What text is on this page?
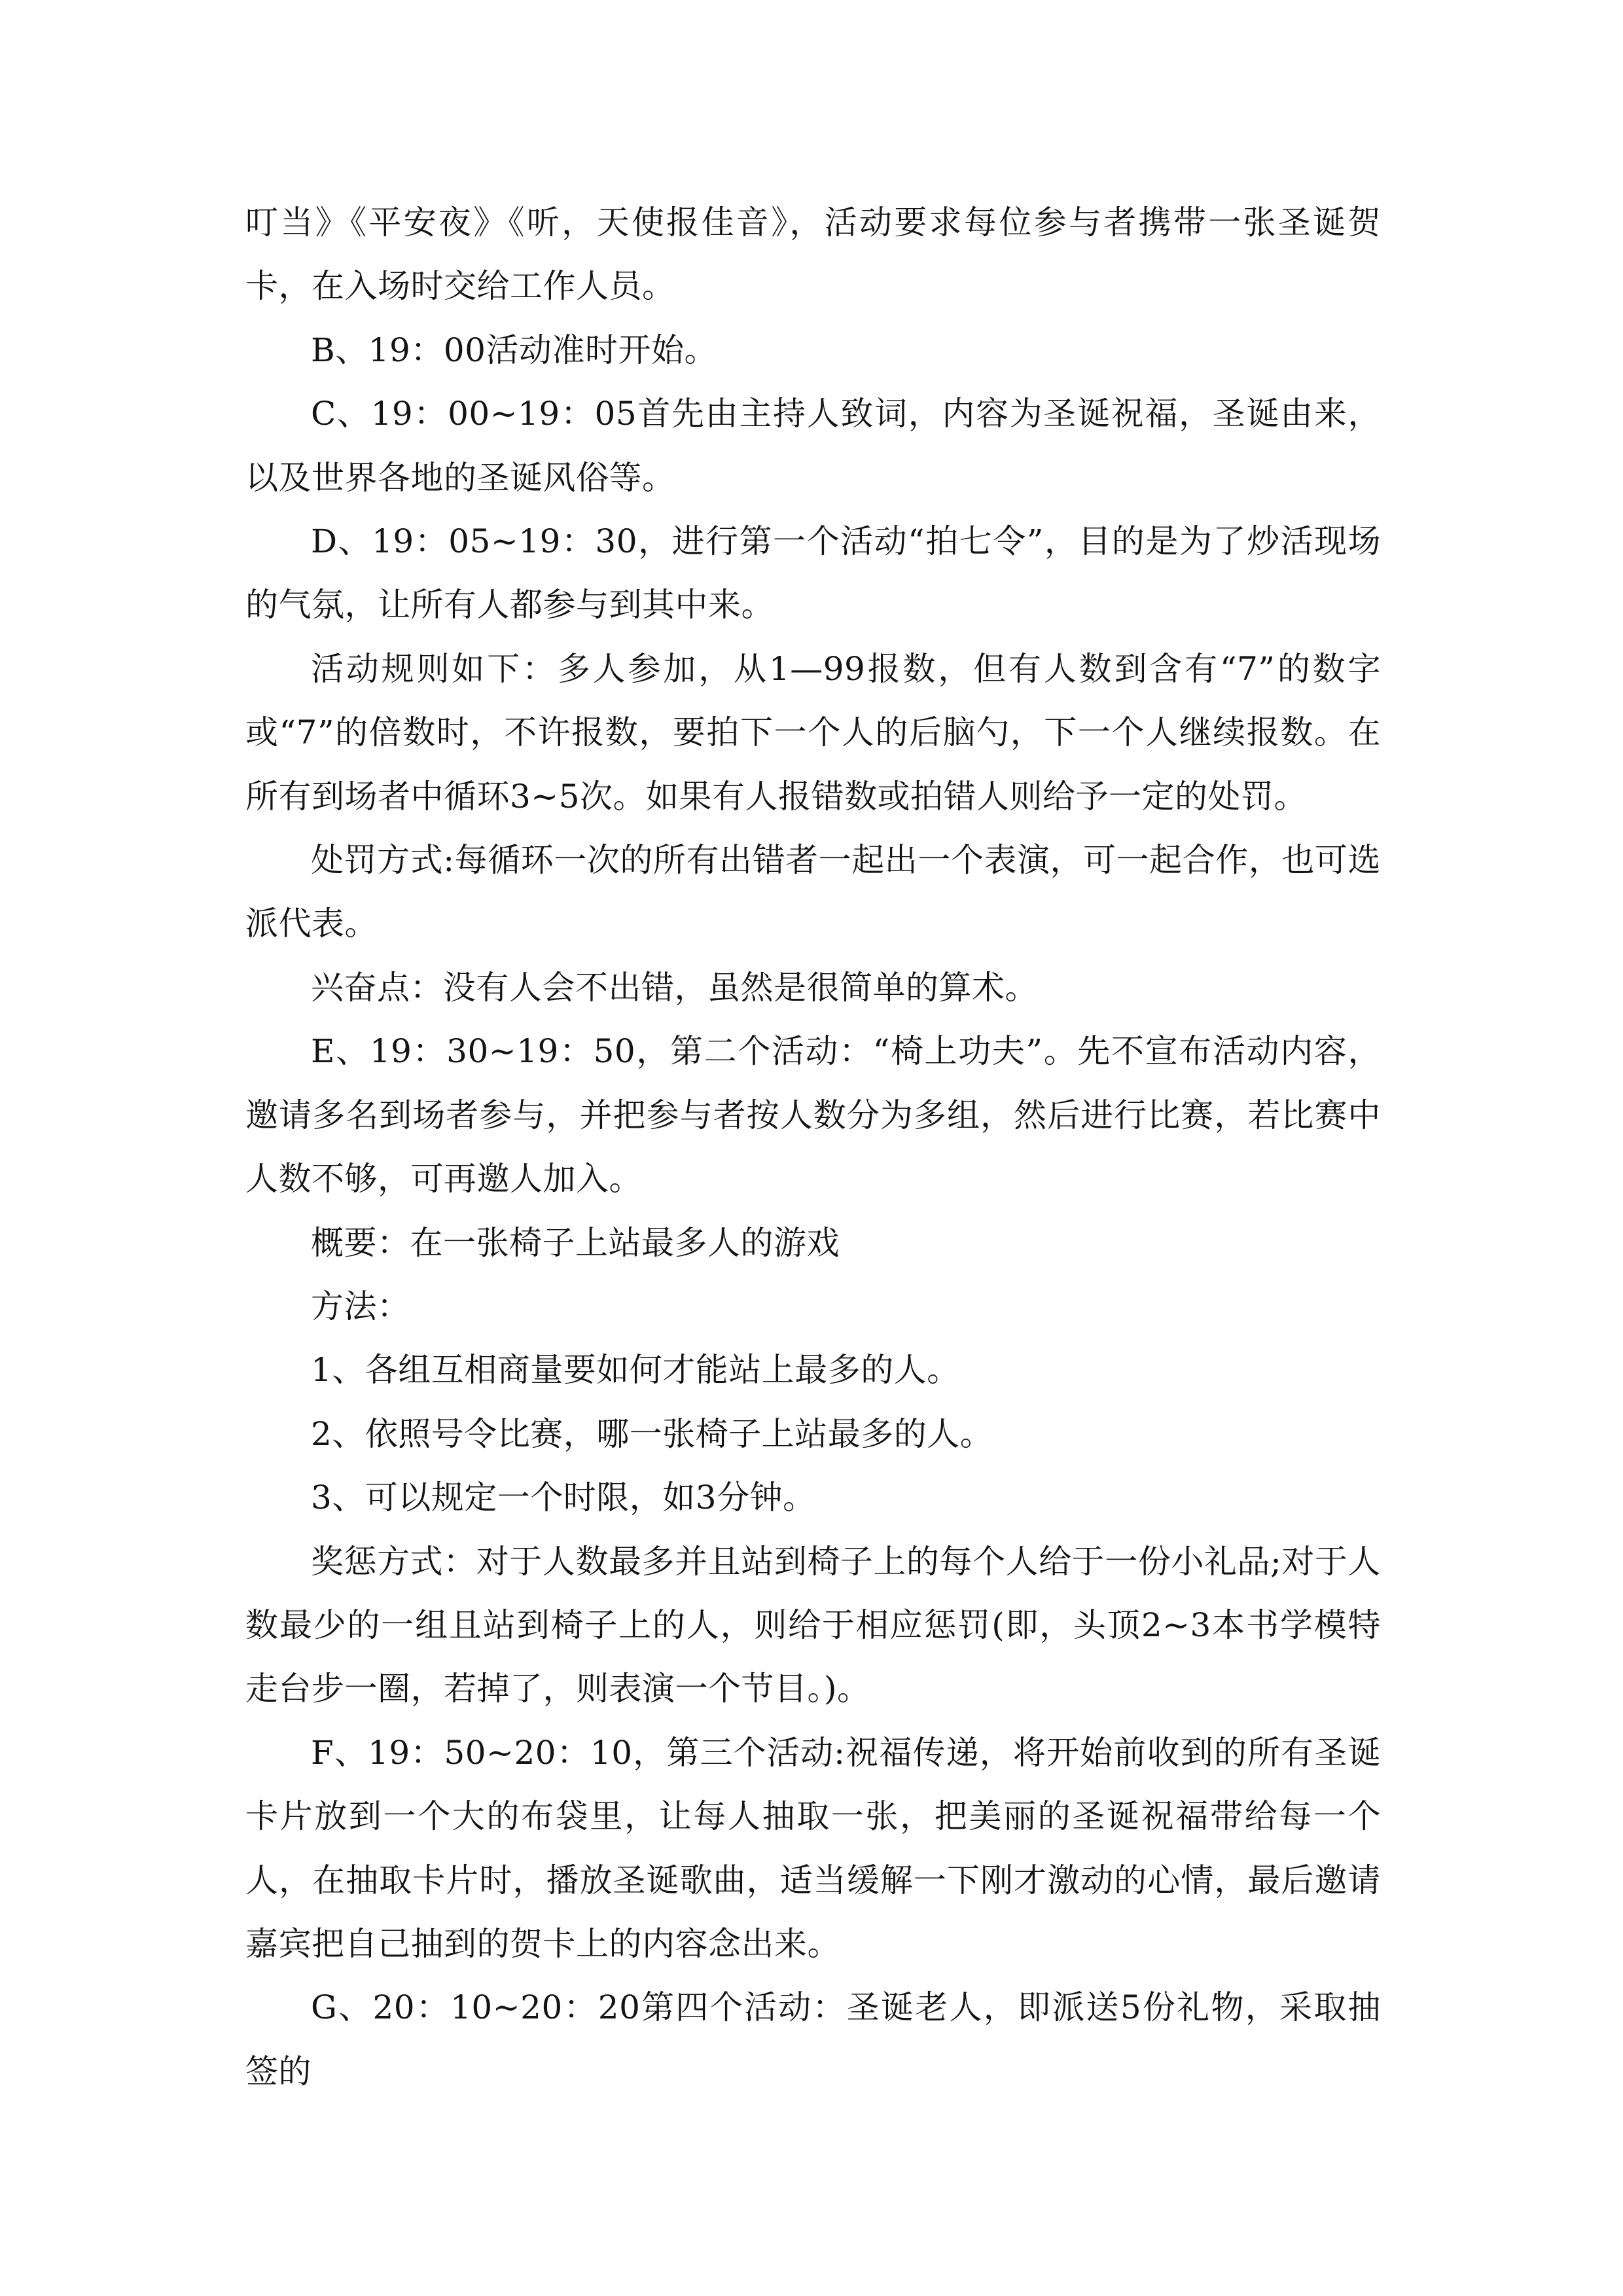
叮当》《平安夜》《听，天使报佳音》，活动要求每位参与者携带一张圣诞贺卡，在入场时交给工作人员。

B、19：00活动准时开始。

C、19：00~19：05首先由主持人致词，内容为圣诞祝福，圣诞由来，以及世界各地的圣诞风俗等。

D、19：05~19：30，进行第一个活动“拍七令”，目的是为了炒活现场的气氛，让所有人都参与到其中来。

活动规则如下：多人参加，从1—99报数，但有人数到含有“7”的数字或“7”的倍数时，不许报数，要拍下一个人的后脑勺，下一个人继续报数。在所有到场者中循环3~5次。如果有人报错数或拍错人则给予一定的处罚。

处罚方式:每循环一次的所有出错者一起出一个表演，可一起合作，也可选派代表。

兴奋点：没有人会不出错，虽然是很简单的算术。

E、19：30~19：50，第二个活动：“椅上功夫”。先不宣布活动内容，邀请多名到场者参与，并把参与者按人数分为多组，然后进行比赛，若比赛中人数不够，可再邀人加入。

概要：在一张椅子上站最多人的游戏

方法：

1、各组互相商量要如何才能站上最多的人。

2、依照号令比赛，哪一张椅子上站最多的人。

3、可以规定一个时限，如3分钟。

奖惩方式：对于人数最多并且站到椅子上的每个人给于一份小礼品;对于人数最少的一组且站到椅子上的人，则给于相应惩罚(即，头顶2~3本书学模特走台步一圈，若掉了，则表演一个节目。)。

F、19：50~20：10，第三个活动:祝福传递，将开始前收到的所有圣诞卡片放到一个大的布袋里，让每人抽取一张，把美丽的圣诞祝福带给每一个人，在抽取卡片时，播放圣诞歌曲，适当缓解一下刚才激动的心情，最后邀请嘉宾把自己抽到的贺卡上的内容念出来。

G、20：10~20：20第四个活动：圣诞老人，即派送5份礼物，采取抽签的
